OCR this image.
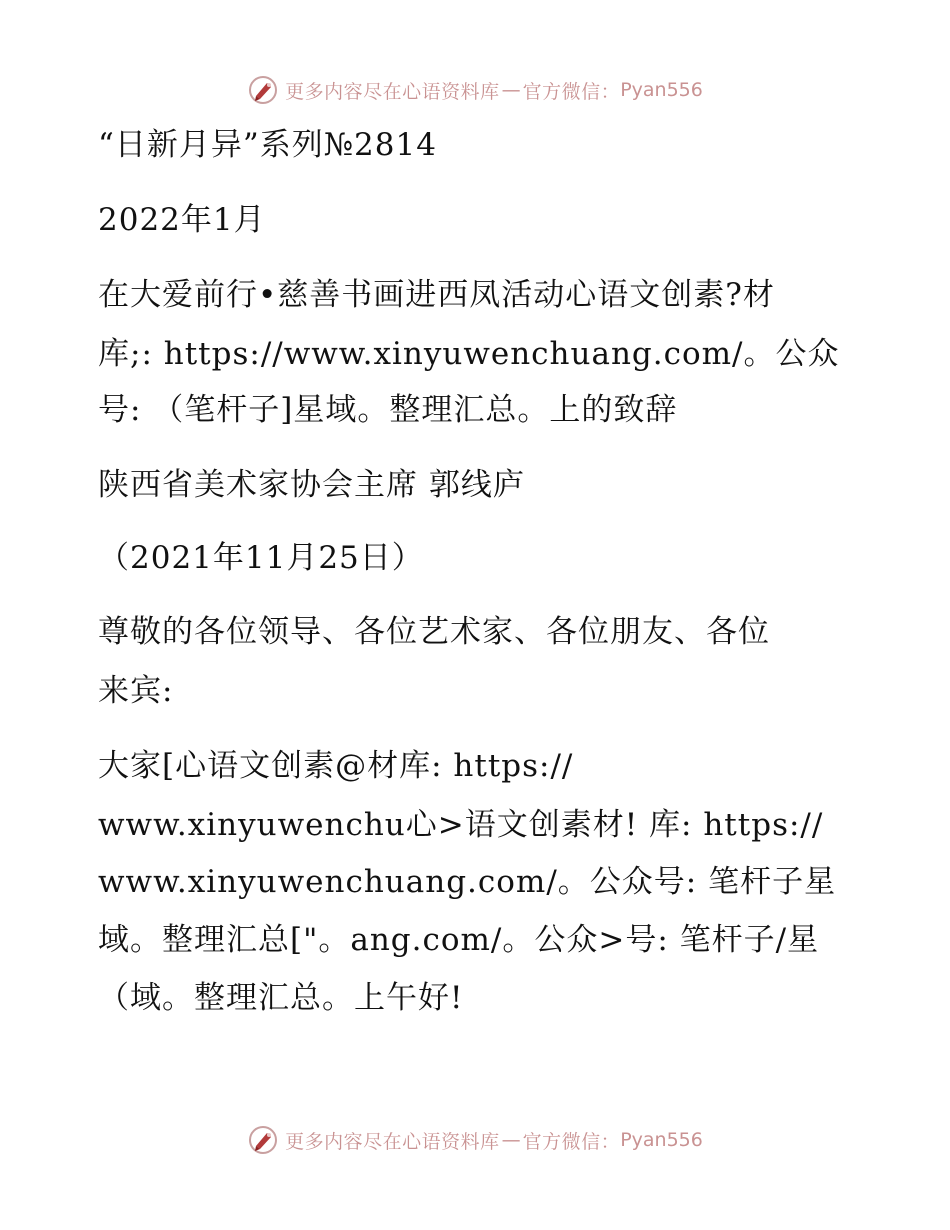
更多内容尽在心语资料库 — 官方微信： Pyan556
“日新月异”系列№2814
2022年1月
在大爱前行•慈善书画进西凤活动心语文创素?材
库;: https://www.xinyuwenchuang.com/。公众
号: （笔杆子]星域。整理汇总。上的致辞
陕西省美术家协会主席 郭线庐
（2021年11月25日）
尊敬的各位领导、各位艺术家、各位朋友、各位
来宾:
大家[心语文创素@材库: https://
www.xinyuwenchu心>语文创素材! 库: https://
www.xinyuwenchuang.com/。公众号: 笔杆子星
域。整理汇总["。ang.com/。公众>号: 笔杆子/星
（域。整理汇总。上午好!
更多内容尽在心语资料库 — 官方微信： Pyan556
